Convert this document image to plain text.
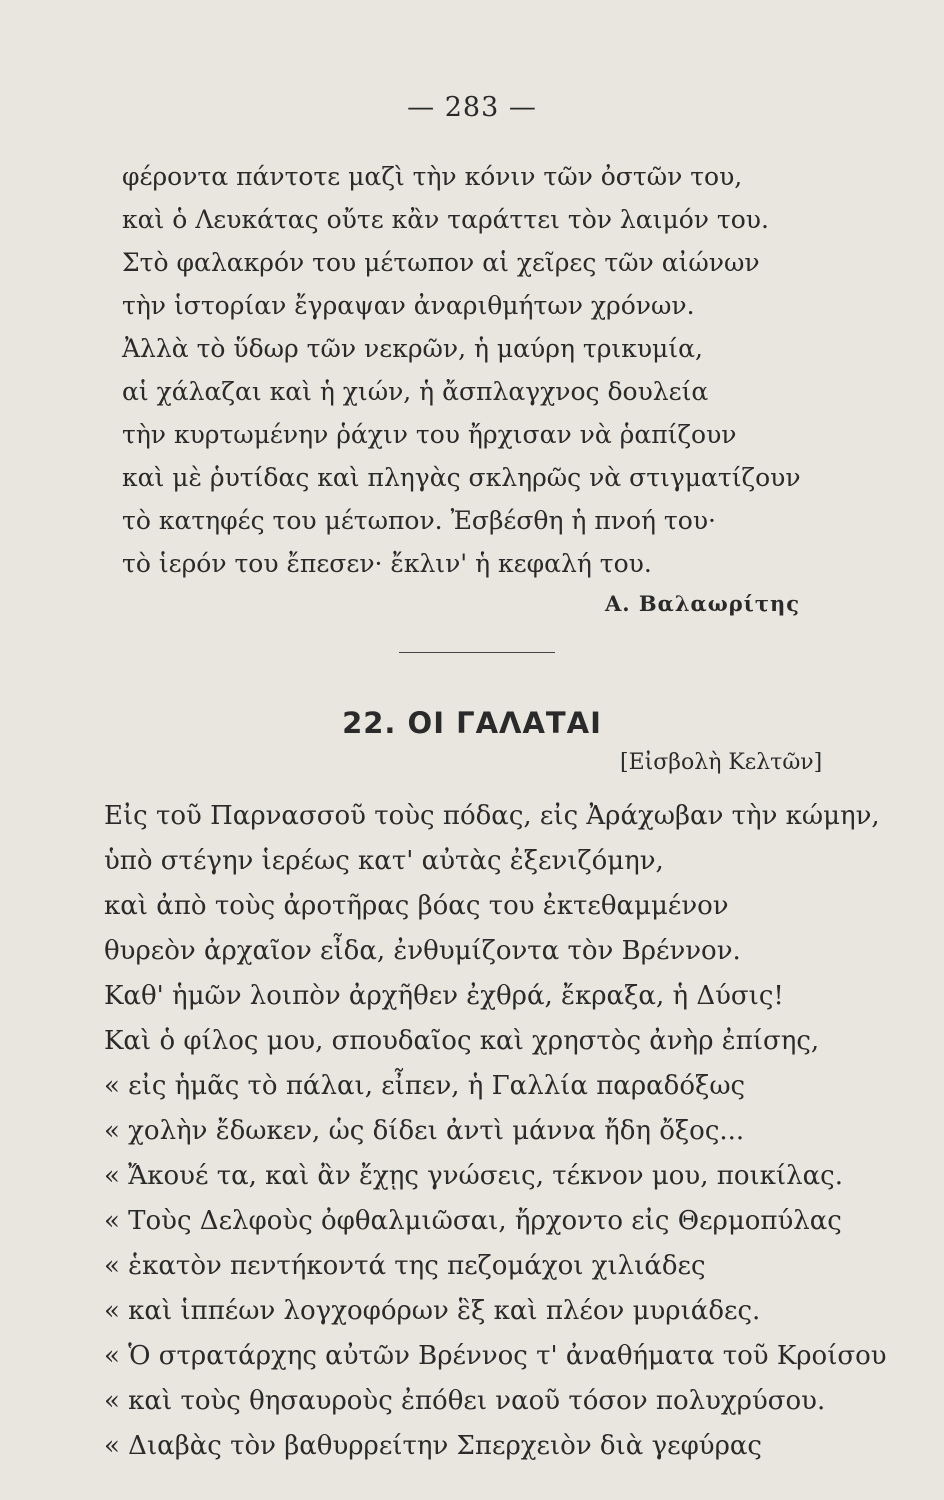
— 283 —
φέροντα πάντοτε μαζὶ τὴν κόνιν τῶν ὀστῶν του,
καὶ ὁ Λευκάτας οὔτε κἂν ταράττει τὸν λαιμόν του.
Στὸ φαλακρόν του μέτωπον αἱ χεῖρες τῶν αἰώνων
τὴν ἱστορίαν ἔγραψαν ἀναριθμήτων χρόνων.
Ἀλλὰ τὸ ὕδωρ τῶν νεκρῶν, ἡ μαύρη τρικυμία,
αἱ χάλαζαι καὶ ἡ χιών, ἡ ἄσπλαγχνος δουλεία
τὴν κυρτωμένην ῥάχιν του ἤρχισαν νὰ ῥαπίζουν
καὶ μὲ ῥυτίδας καὶ πληγὰς σκληρῶς νὰ στιγματίζουν
τὸ κατηφές του μέτωπον. Ἐσβέσθη ἡ πνοή του·
τὸ ἱερόν του ἔπεσεν· ἔκλιν' ἡ κεφαλή του.
Α. Βαλαωρίτης
22. ΟΙ ΓΑΛΑΤΑΙ
[Εἰσβολὴ Κελτῶν]
Εἰς τοῦ Παρνασσοῦ τοὺς πόδας, εἰς Ἀράχωβαν τὴν κώμην,
ὑπὸ στέγην ἱερέως κατ' αὐτὰς ἐξενιζόμην,
καὶ ἀπὸ τοὺς ἀροτῆρας βόας του ἐκτεθαμμένον
θυρεὸν ἀρχαῖον εἶδα, ἐνθυμίζοντα τὸν Βρέννον.
Καθ' ἡμῶν λοιπὸν ἀρχῆθεν ἐχθρά, ἔκραξα, ἡ Δύσις!
Καὶ ὁ φίλος μου, σπουδαῖος καὶ χρηστὸς ἀνὴρ ἐπίσης,
« εἰς ἡμᾶς τὸ πάλαι, εἶπεν, ἡ Γαλλία παραδόξως
« χολὴν ἔδωκεν, ὡς δίδει ἀντὶ μάννα ἤδη ὄξος...
« Ἄκουέ τα, καὶ ἂν ἔχῃς γνώσεις, τέκνον μου, ποικίλας.
« Τοὺς Δελφοὺς ὀφθαλμιῶσαι, ἤρχοντο εἰς Θερμοπύλας
« ἑκατὸν πεντήκοντά της πεζομάχοι χιλιάδες
« καὶ ἱππέων λογχοφόρων ἓξ καὶ πλέον μυριάδες.
« Ὁ στρατάρχης αὐτῶν Βρέννος τ' ἀναθήματα τοῦ Κροίσου
« καὶ τοὺς θησαυροὺς ἐπόθει ναοῦ τόσον πολυχρύσου.
« Διαβὰς τὸν βαθυρρείτην Σπερχειὸν διὰ γεφύρας
